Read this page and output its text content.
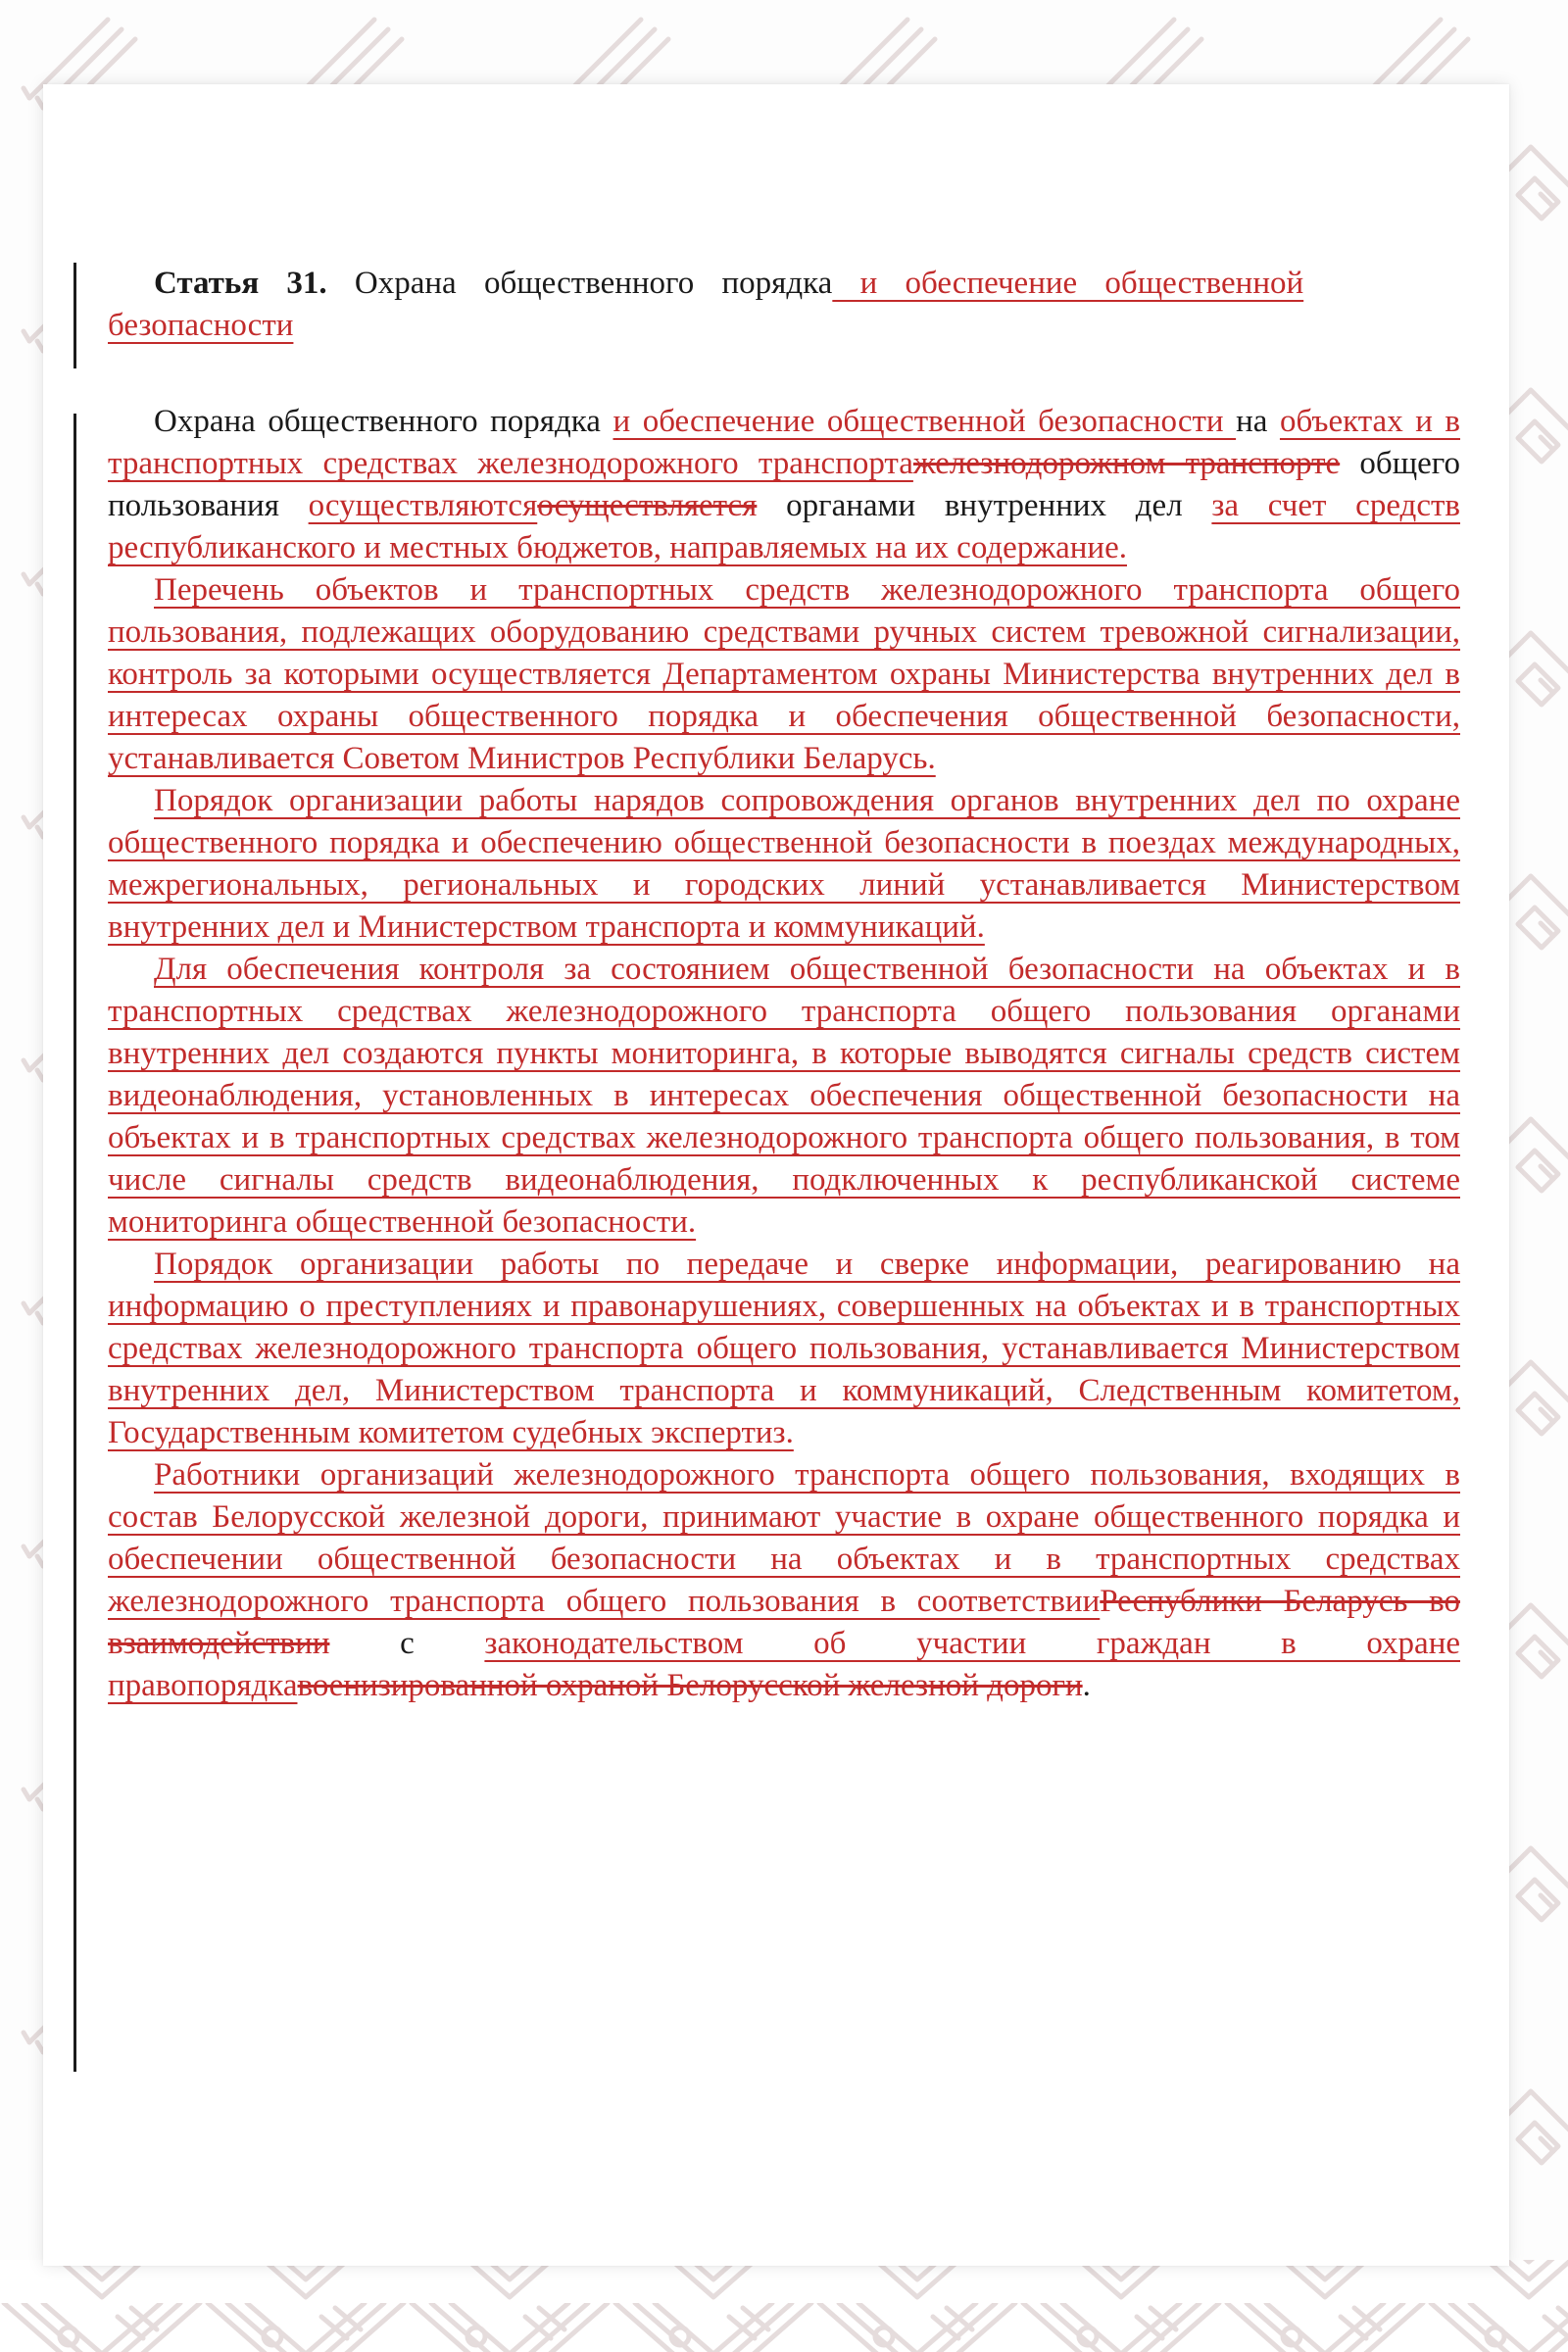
Статья 31. Охрана общественного порядка и обеспечение общественной
безопасности

Охрана общественного порядка и обеспечение общественной безопасности на объектах и в транспортных средствах железнодорожного транспортажелезнодорожном транспорте общего пользования осуществляютсяосуществляется органами внутренних дел за счет средств республиканского и местных бюджетов, направляемых на их содержание.

Перечень объектов и транспортных средств железнодорожного транспорта общего пользования, подлежащих оборудованию средствами ручных систем тревожной сигнализации, контроль за которыми осуществляется Департаментом охраны Министерства внутренних дел в интересах охраны общественного порядка и обеспечения общественной безопасности, устанавливается Советом Министров Республики Беларусь.

Порядок организации работы нарядов сопровождения органов внутренних дел по охране общественного порядка и обеспечению общественной безопасности в поездах международных, межрегиональных, региональных и городских линий устанавливается Министерством внутренних дел и Министерством транспорта и коммуникаций.

Для обеспечения контроля за состоянием общественной безопасности на объектах и в транспортных средствах железнодорожного транспорта общего пользования органами внутренних дел создаются пункты мониторинга, в которые выводятся сигналы средств систем видеонаблюдения, установленных в интересах обеспечения общественной безопасности на объектах и в транспортных средствах железнодорожного транспорта общего пользования, в том числе сигналы средств видеонаблюдения, подключенных к республиканской системе мониторинга общественной безопасности.

Порядок организации работы по передаче и сверке информации, реагированию на информацию о преступлениях и правонарушениях, совершенных на объектах и в транспортных средствах железнодорожного транспорта общего пользования, устанавливается Министерством внутренних дел, Министерством транспорта и коммуникаций, Следственным комитетом, Государственным комитетом судебных экспертиз.

Работники организаций железнодорожного транспорта общего пользования, входящих в состав Белорусской железной дороги, принимают участие в охране общественного порядка и обеспечении общественной безопасности на объектах и в транспортных средствах железнодорожного транспорта общего пользования в соответствииРеспублики Беларусь во взаимодействии с законодательством об участии граждан в охране правопорядкавоенизированной охраной Белорусской железной дороги.
